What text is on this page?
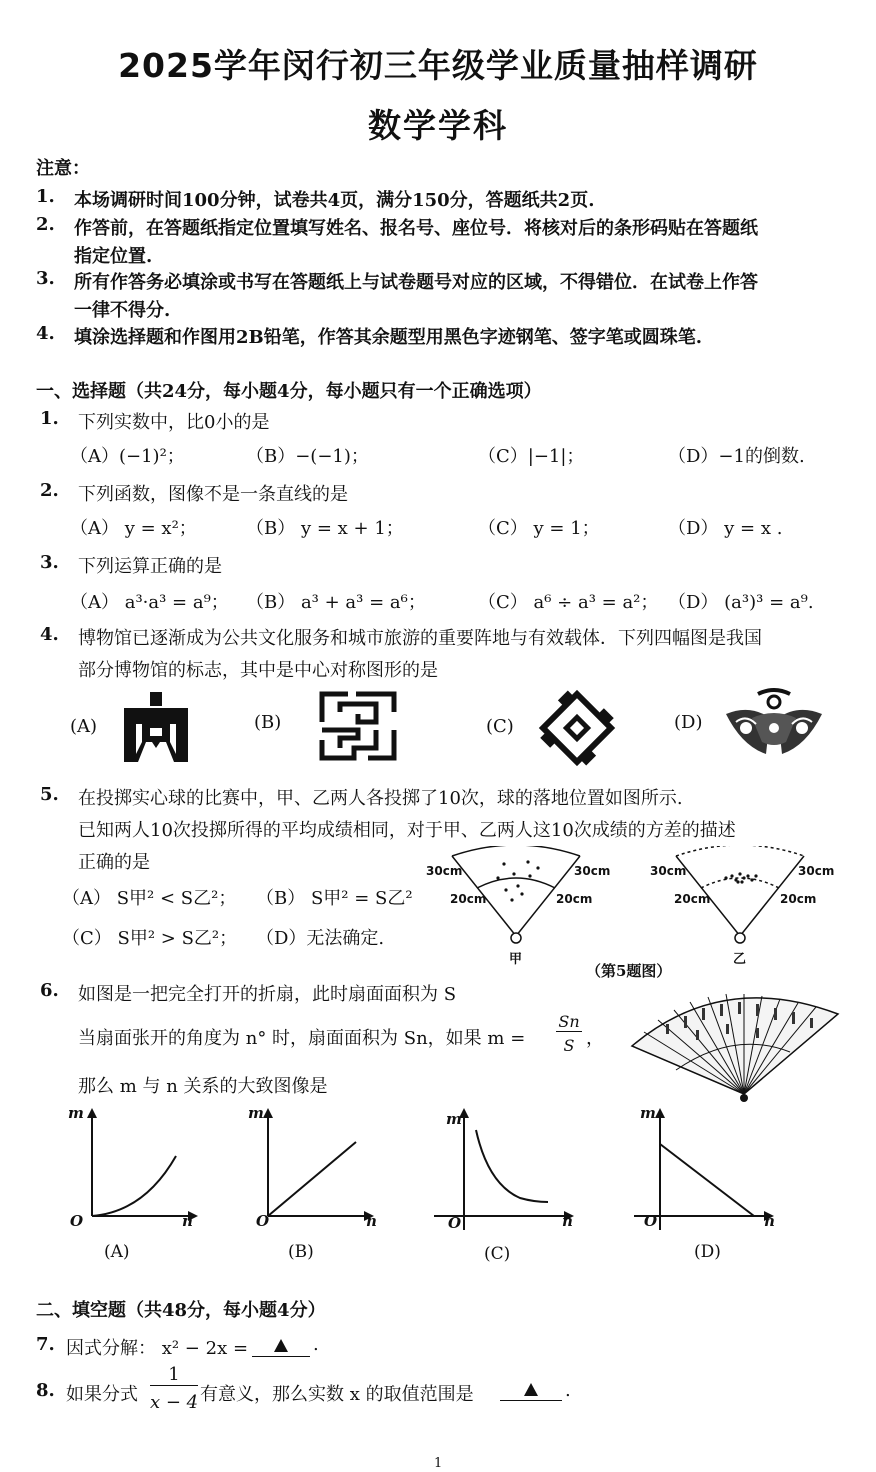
2025学年闵行初三年级学业质量抽样调研
数学学科
注意：
1. 本场调研时间100分钟，试卷共4页，满分150分，答题纸共2页.
2. 作答前，在答题纸指定位置填写姓名、报名号、座位号．将核对后的条形码贴在答题纸
指定位置.
3. 所有作答务必填涂或书写在答题纸上与试卷题号对应的区域，不得错位．在试卷上作答
一律不得分.
4. 填涂选择题和作图用2B铅笔，作答其余题型用黑色字迹钢笔、签字笔或圆珠笔.
一、选择题（共24分，每小题4分，每小题只有一个正确选项）
1. 下列实数中，比0小的是
（A）(−1)²；	（B）−(−1)；	（C）|−1|；	（D）−1的倒数.
2. 下列函数，图像不是一条直线的是
（A） y = x²；	（B） y = x + 1；	（C） y = 1；	（D） y = x .
3. 下列运算正确的是
（A） a³·a³ = a⁹； （B） a³ + a³ = a⁶；	（C） a⁶ ÷ a³ = a²； （D） (a³)³ = a⁹.
4. 博物馆已逐渐成为公共文化服务和城市旅游的重要阵地与有效载体．下列四幅图是我国
部分博物馆的标志，其中是中心对称图形的是
(A)	(B)	(C)	(D)
5. 在投掷实心球的比赛中，甲、乙两人各投掷了10次，球的落地位置如图所示.
已知两人10次投掷所得的平均成绩相同，对于甲、乙两人这10次成绩的方差的描述
正确的是
（A） S甲² < S乙²； （B） S甲² = S乙²
（C） S甲² > S乙²； （D）无法确定.
30cm	30cm
20cm	20cm
甲
30cm	30cm
20cm	20cm
乙
（第5题图）
6. 如图是一把完全打开的折扇，此时扇面面积为 S
当扇面张开的角度为 n° 时，扇面面积为 Sn，如果 m =
Sn
S ，
那么 m 与 n 关系的大致图像是
m
O	n
(A)
m
O	n
(B)
m
O	n
(C)
m
O	n
(D)
二、填空题（共48分，每小题4分）
7. 因式分解： x² − 2x =	.
8. 如果分式
1
x − 4 有意义，那么实数 x 的取值范围是	.
1
